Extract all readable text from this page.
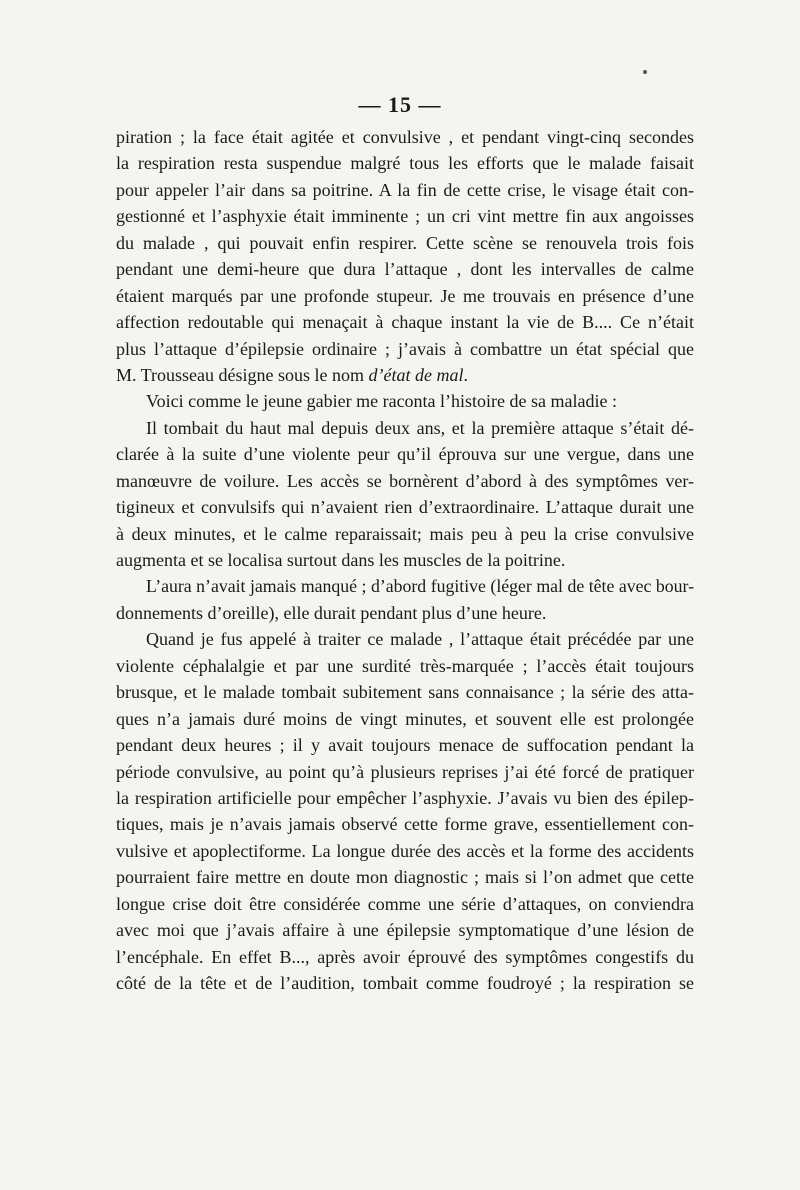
— 15 —
piration ; la face était agitée et convulsive , et pendant vingt-cinq secondes
la respiration resta suspendue malgré tous les efforts que le malade faisait
pour appeler l’air dans sa poitrine. A la fin de cette crise, le visage était con-
gestionné et l’asphyxie était imminente ; un cri vint mettre fin aux angoisses
du malade , qui pouvait enfin respirer. Cette scène se renouvela trois fois
pendant une demi-heure que dura l’attaque , dont les intervalles de calme
étaient marqués par une profonde stupeur. Je me trouvais en présence d’une
affection redoutable qui menaçait à chaque instant la vie de B.... Ce n’était
plus l’attaque d’épilepsie ordinaire ; j’avais à combattre un état spécial que
M. Trousseau désigne sous le nom d’état de mal.
Voici comme le jeune gabier me raconta l’histoire de sa maladie :
Il tombait du haut mal depuis deux ans, et la première attaque s’était dé-
clarée à la suite d’une violente peur qu’il éprouva sur une vergue, dans une
manœuvre de voilure. Les accès se bornèrent d’abord à des symptômes ver-
tigineux et convulsifs qui n’avaient rien d’extraordinaire. L’attaque durait une
à deux minutes, et le calme reparaissait; mais peu à peu la crise convulsive
augmenta et se localisa surtout dans les muscles de la poitrine.
L’aura n’avait jamais manqué ; d’abord fugitive (léger mal de tête avec bour-
donnements d’oreille), elle durait pendant plus d’une heure.
Quand je fus appelé à traiter ce malade , l’attaque était précédée par une
violente céphalalgie et par une surdité très-marquée ; l’accès était toujours
brusque, et le malade tombait subitement sans connaisance ; la série des atta-
ques n’a jamais duré moins de vingt minutes, et souvent elle est prolongée
pendant deux heures ; il y avait toujours menace de suffocation pendant la
période convulsive, au point qu’à plusieurs reprises j’ai été forcé de pratiquer
la respiration artificielle pour empêcher l’asphyxie. J’avais vu bien des épilep-
tiques, mais je n’avais jamais observé cette forme grave, essentiellement con-
vulsive et apoplectiforme. La longue durée des accès et la forme des accidents
pourraient faire mettre en doute mon diagnostic ; mais si l’on admet que cette
longue crise doit être considérée comme une série d’attaques, on conviendra
avec moi que j’avais affaire à une épilepsie symptomatique d’une lésion de
l’encéphale. En effet B..., après avoir éprouvé des symptômes congestifs du
côté de la tête et de l’audition, tombait comme foudroyé ; la respiration se
